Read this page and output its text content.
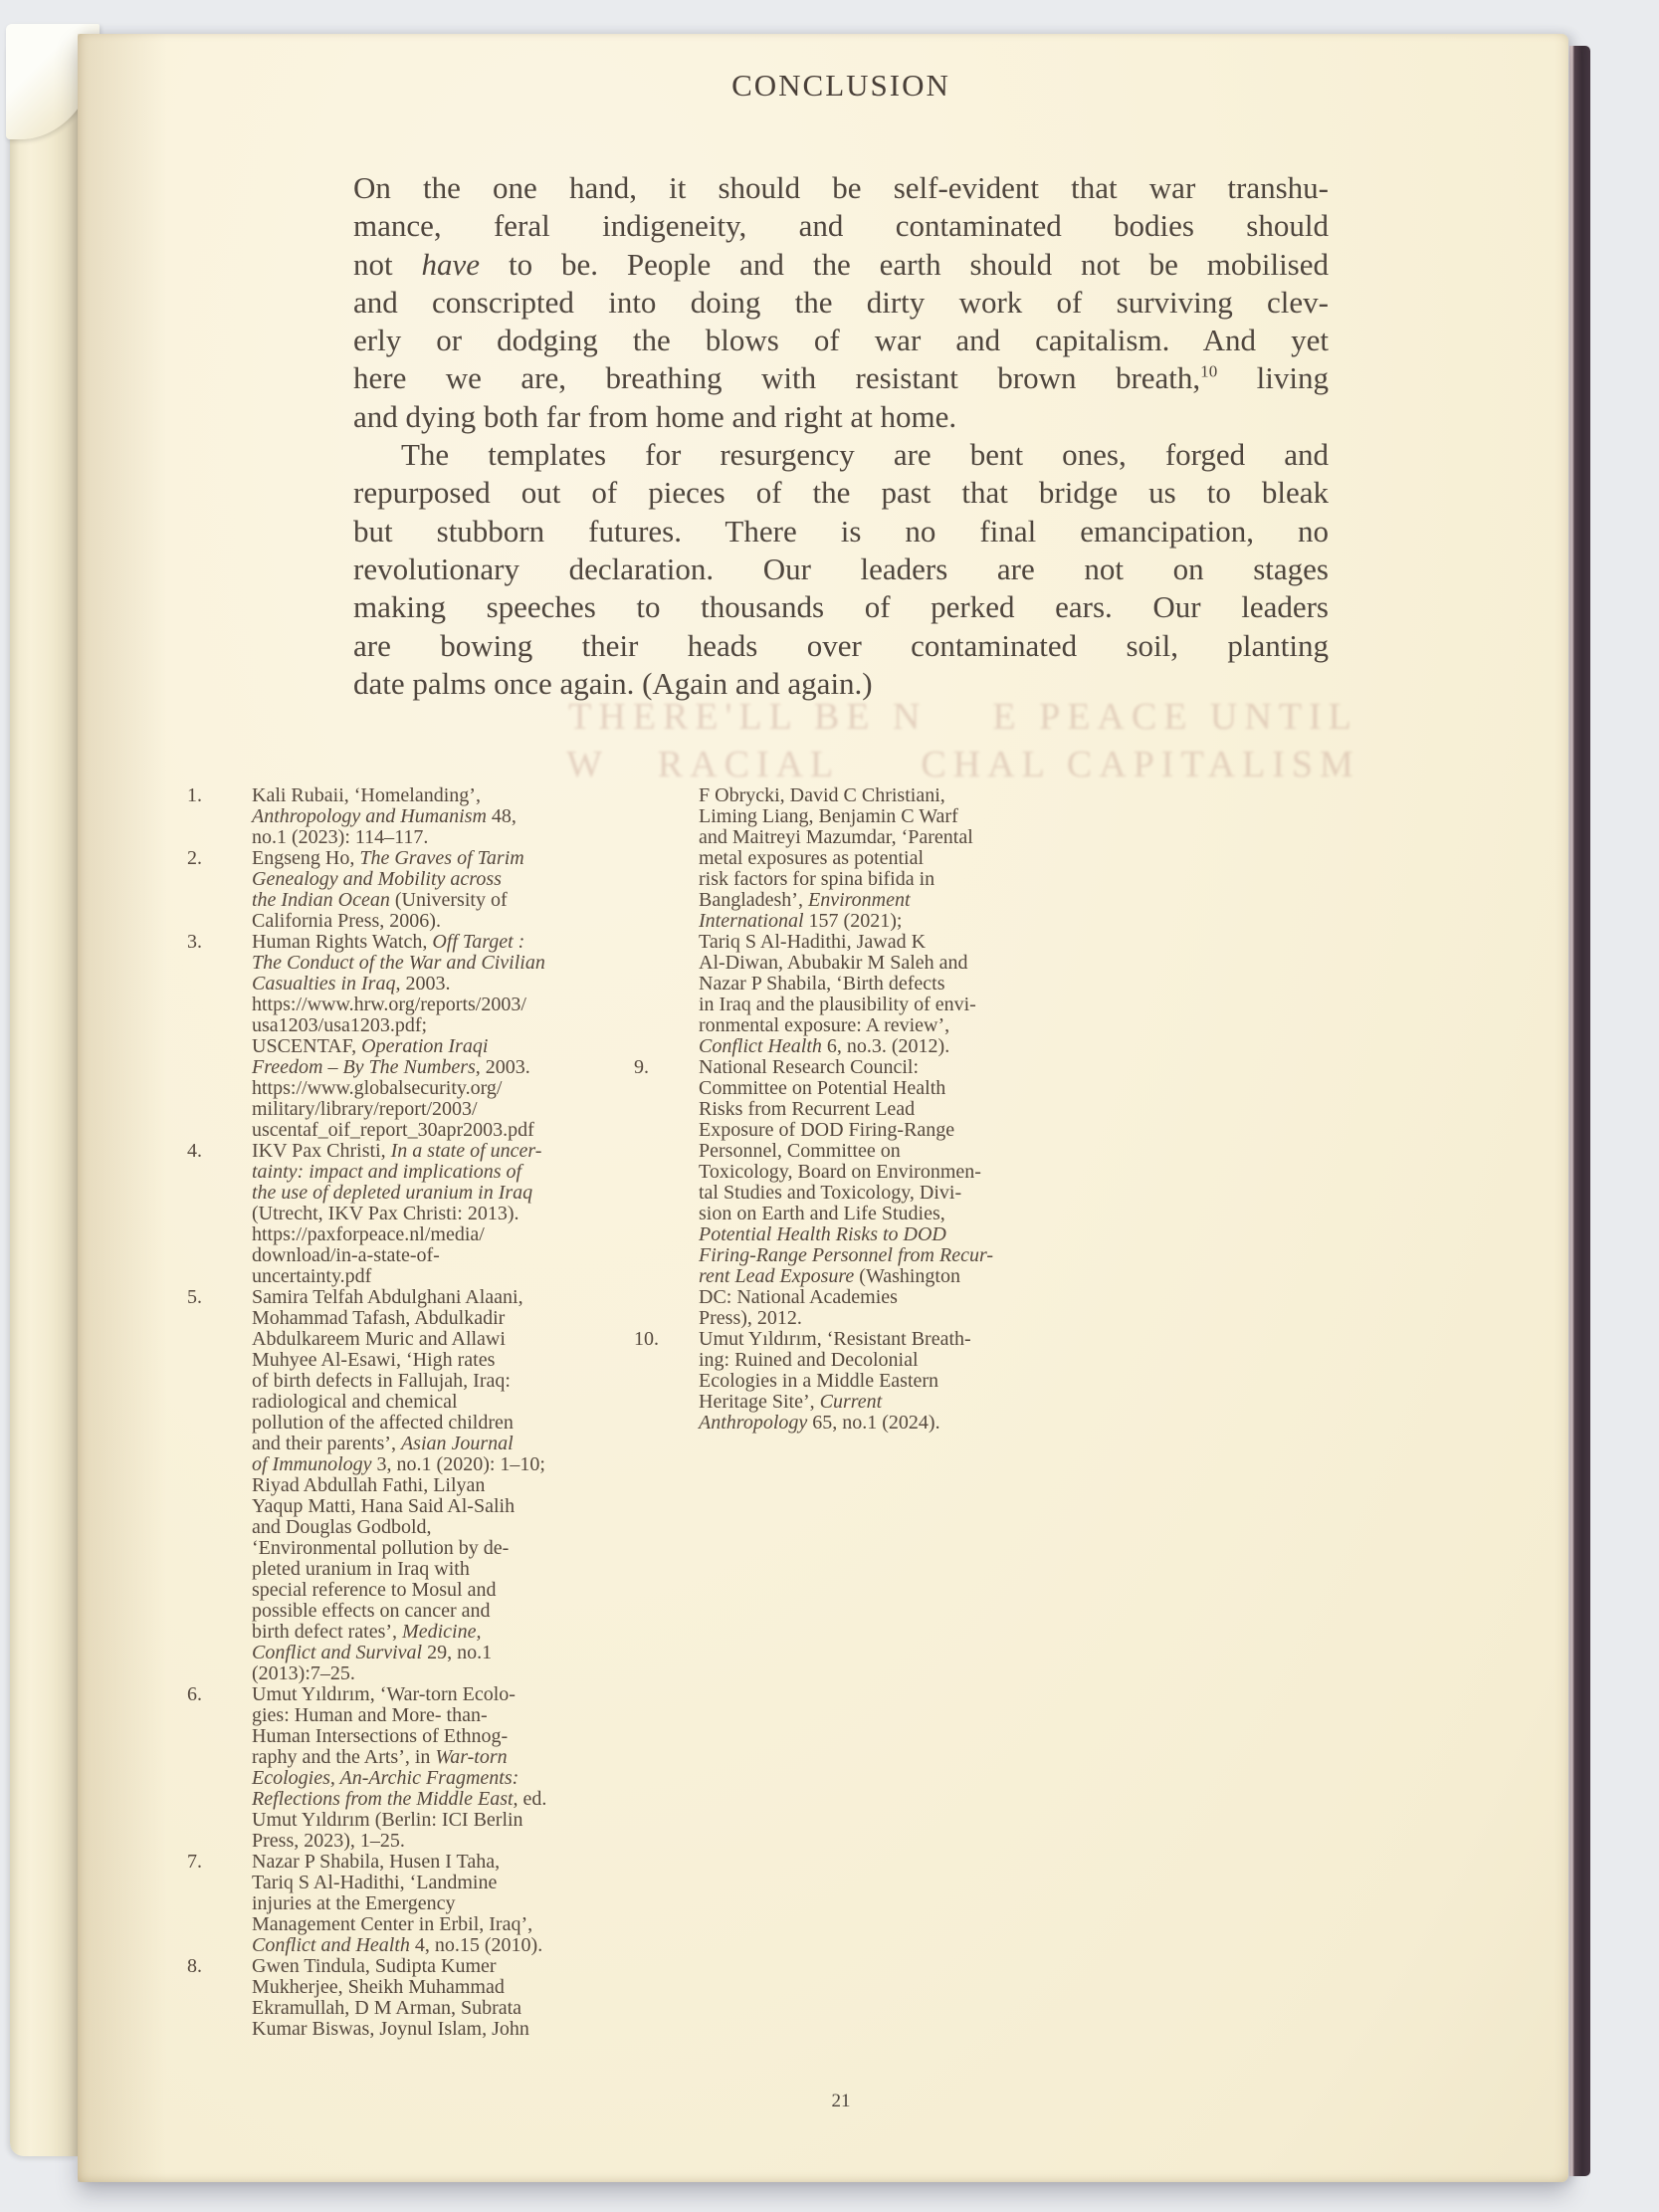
THERE'LL BE N    E PEACE UNTIL
W   RACIAL     CHAL CAPITALISM
CONCLUSION
On the one hand, it should be self-evident that war transhu-
mance, feral indigeneity, and contaminated bodies should
not have to be. People and the earth should not be mobilised
and conscripted into doing the dirty work of surviving clev-
erly or dodging the blows of war and capitalism. And yet
here we are, breathing with resistant brown breath,$^{10}$ living
and dying both far from home and right at home.
The templates for resurgency are bent ones, forged and
repurposed out of pieces of the past that bridge us to bleak
but stubborn futures. There is no final emancipation, no
revolutionary declaration. Our leaders are not on stages
making speeches to thousands of perked ears. Our leaders
are bowing their heads over contaminated soil, planting
date palms once again. (Again and again.)
21
1.	Kali Rubaii, ‘Homelanding’,
Anthropology and Humanism 48,
no.1 (2023): 114–117.
2.	Engseng Ho, The Graves of Tarim
Genealogy and Mobility across
the Indian Ocean (University of
California Press, 2006).
3.	Human Rights Watch, Off Target :
The Conduct of the War and Civilian
Casualties in Iraq, 2003.
https://www.hrw.org/reports/2003/
usa1203/usa1203.pdf;
USCENTAF, Operation Iraqi
Freedom – By The Numbers, 2003.
https://www.globalsecurity.org/
military/library/report/2003/
uscentaf_oif_report_30apr2003.pdf
4.	IKV Pax Christi, In a state of uncer-
tainty: impact and implications of
the use of depleted uranium in Iraq
(Utrecht, IKV Pax Christi: 2013).
https://paxforpeace.nl/media/
download/in-a-state-of-
uncertainty.pdf
5.	Samira Telfah Abdulghani Alaani,
Mohammad Tafash, Abdulkadir
Abdulkareem Muric and Allawi
Muhyee Al-Esawi, ‘High rates
of birth defects in Fallujah, Iraq:
radiological and chemical
pollution of the affected children
and their parents’, Asian Journal
of Immunology 3, no.1 (2020): 1–10;
Riyad Abdullah Fathi, Lilyan
Yaqup Matti, Hana Said Al-Salih
and Douglas Godbold,
‘Environmental pollution by de-
pleted uranium in Iraq with
special reference to Mosul and
possible effects on cancer and
birth defect rates’, Medicine,
Conflict and Survival 29, no.1
(2013):7–25.
6.	Umut Yıldırım, ‘War-torn Ecolo-
gies: Human and More- than-
Human Intersections of Ethnog-
raphy and the Arts’, in War-torn
Ecologies, An-Archic Fragments:
Reflections from the Middle East, ed.
Umut Yıldırım (Berlin: ICI Berlin
Press, 2023), 1–25.
7.	Nazar P Shabila, Husen I Taha,
Tariq S Al-Hadithi, ‘Landmine
injuries at the Emergency
Management Center in Erbil, Iraq’,
Conflict and Health 4, no.15 (2010).
8.	Gwen Tindula, Sudipta Kumer
Mukherjee, Sheikh Muhammad
Ekramullah, D M Arman, Subrata
Kumar Biswas, Joynul Islam, John
F Obrycki, David C Christiani,
Liming Liang, Benjamin C Warf
and Maitreyi Mazumdar, ‘Parental
metal exposures as potential
risk factors for spina bifida in
Bangladesh’, Environment
International 157 (2021);
Tariq S Al-Hadithi, Jawad K
Al-Diwan, Abubakir M Saleh and
Nazar P Shabila, ‘Birth defects
in Iraq and the plausibility of envi-
ronmental exposure: A review’,
Conflict Health 6, no.3. (2012).
9.	National Research Council:
Committee on Potential Health
Risks from Recurrent Lead
Exposure of DOD Firing-Range
Personnel, Committee on
Toxicology, Board on Environmen-
tal Studies and Toxicology, Divi-
sion on Earth and Life Studies,
Potential Health Risks to DOD
Firing-Range Personnel from Recur-
rent Lead Exposure (Washington
DC: National Academies
Press), 2012.
10.	Umut Yıldırım, ‘Resistant Breath-
ing: Ruined and Decolonial
Ecologies in a Middle Eastern
Heritage Site’, Current
Anthropology 65, no.1 (2024).
